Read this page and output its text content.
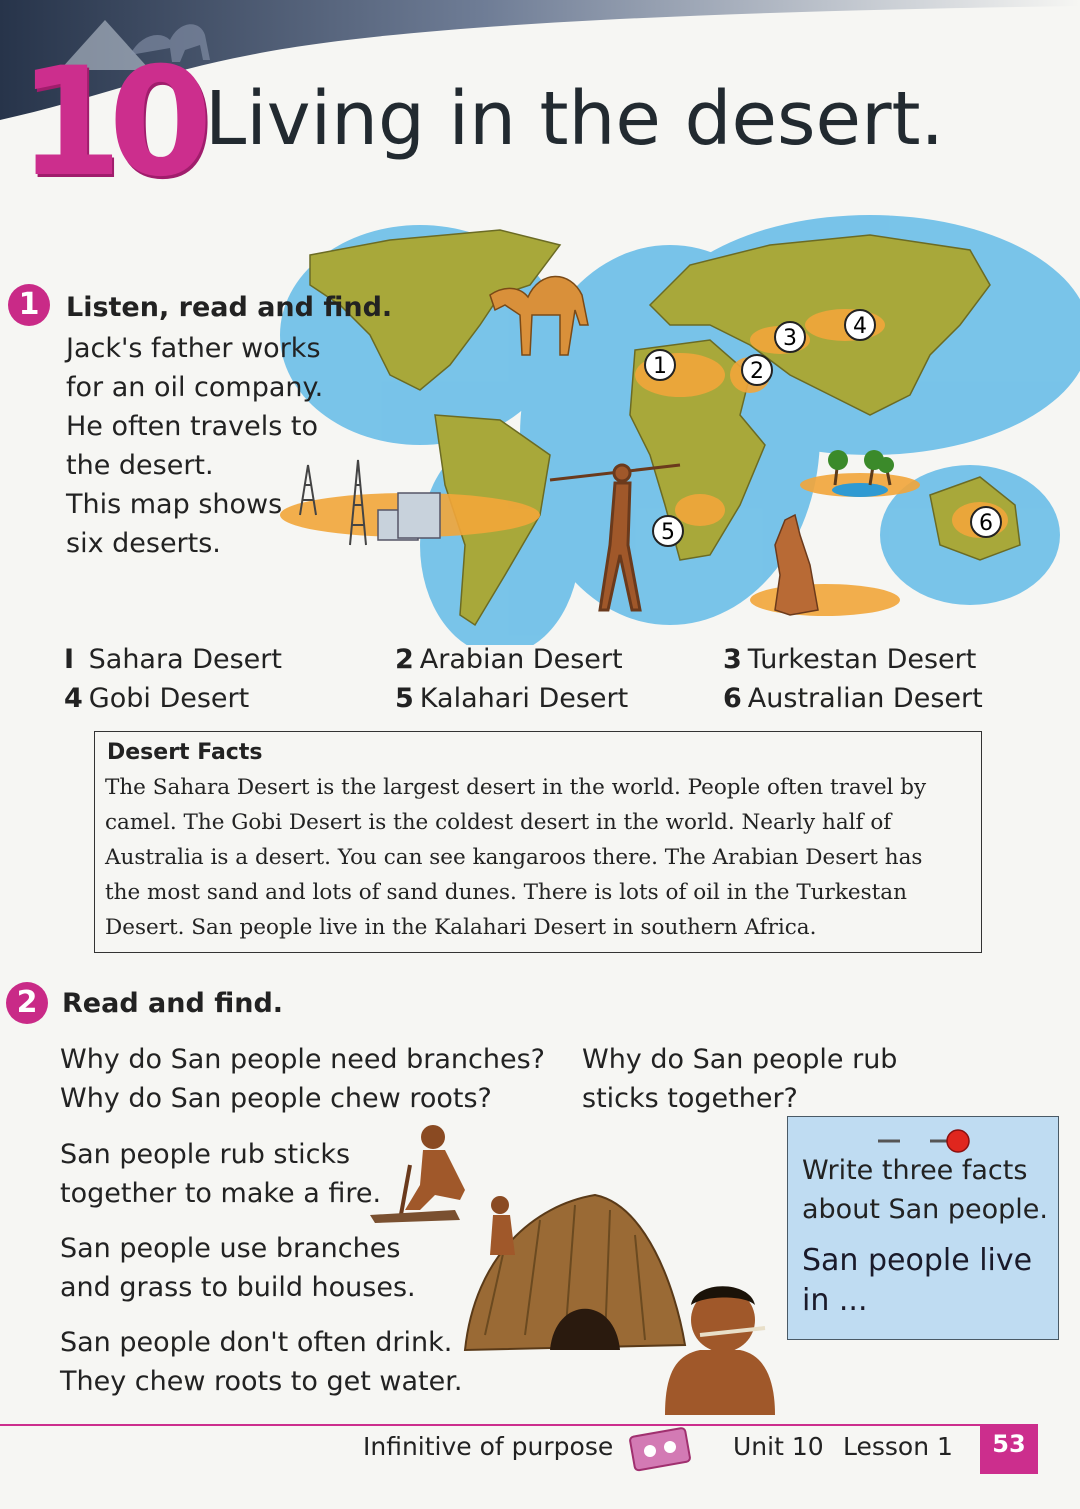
10 Living in the desert.
1	2
3	4
5	6
1 Listen, read and find.
Jack's father works
for an oil company.
He often travels to
the desert.
This map shows
six deserts.
I Sahara Desert	2 Arabian Desert	3 Turkestan Desert
4 Gobi Desert	5 Kalahari Desert	6 Australian Desert
Desert Facts
The Sahara Desert is the largest desert in the world. People often travel by
camel. The Gobi Desert is the coldest desert in the world. Nearly half of
Australia is a desert. You can see kangaroos there. The Arabian Desert has
the most sand and lots of sand dunes. There is lots of oil in the Turkestan
Desert. San people live in the Kalahari Desert in southern Africa.
2 Read and find.
Why do San people need branches?
Why do San people chew roots?
Why do San people rub
sticks together?
San people rub sticks
together to make a fire.
San people use branches
and grass to build houses.
San people don't often drink.
They chew roots to get water.
Write three facts
about San people.
San people live
in ...
Infinitive of purpose	Unit 10 Lesson 1	53
